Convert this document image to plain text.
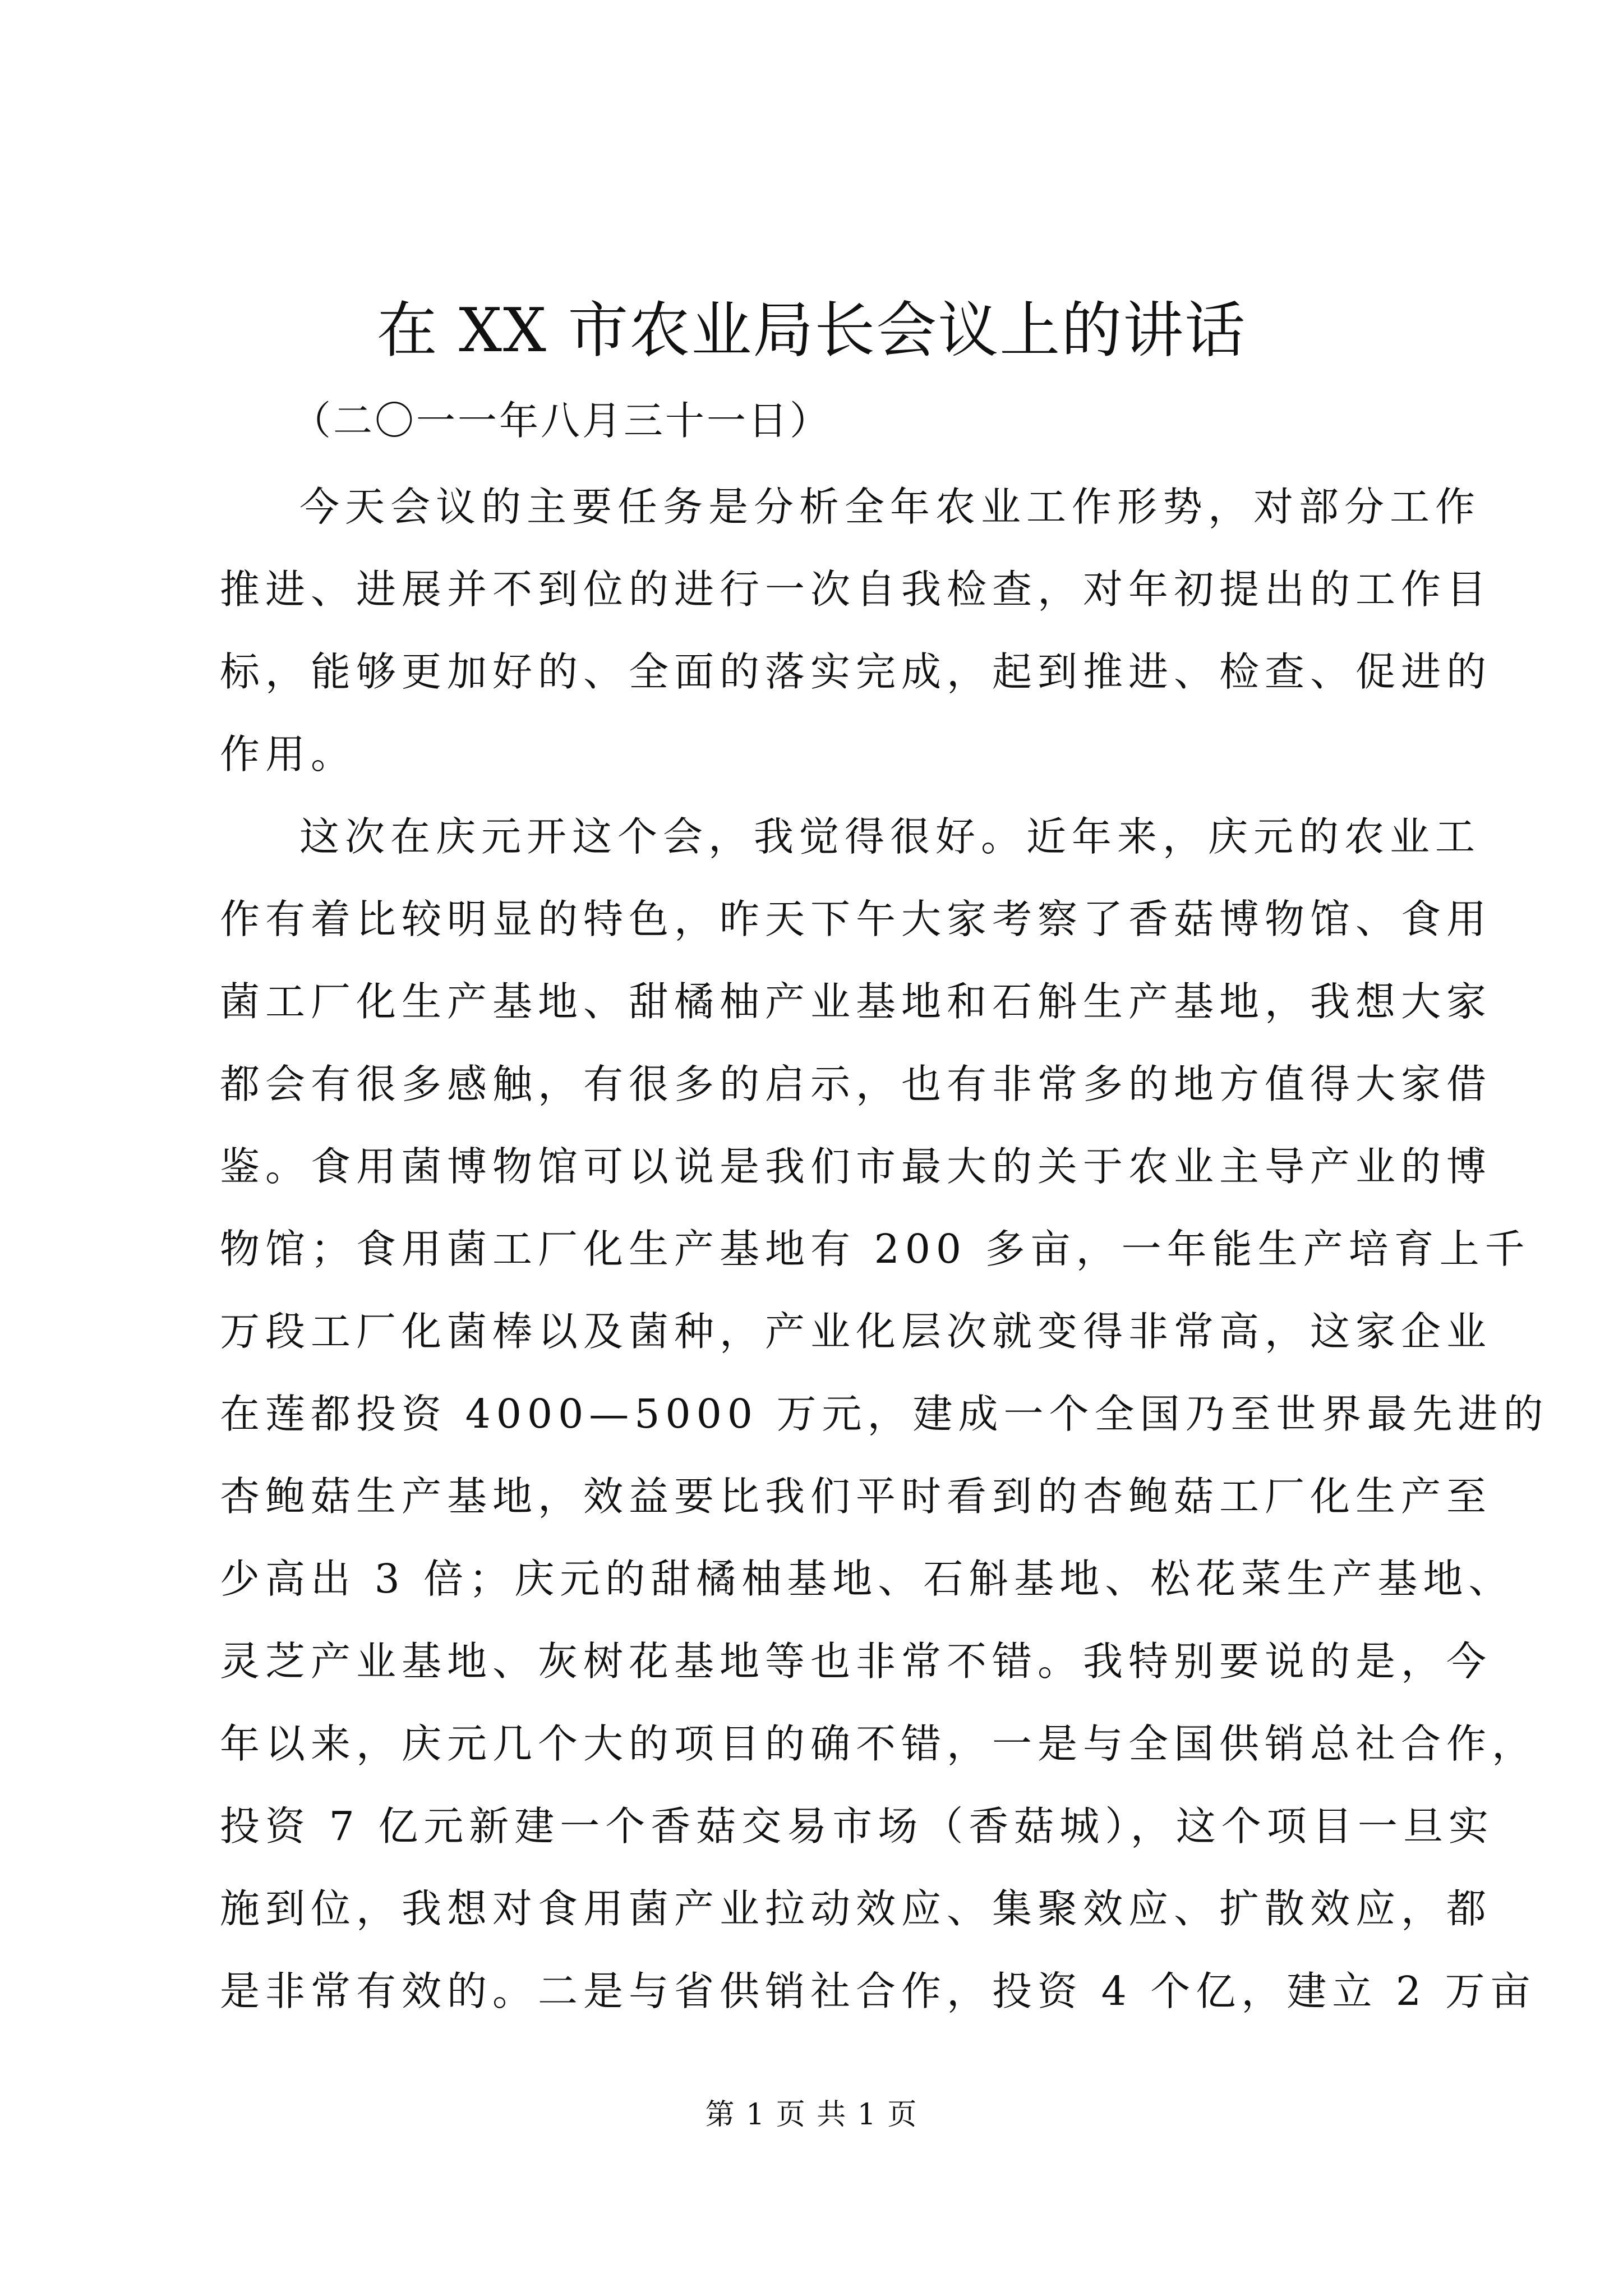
在 XX 市农业局长会议上的讲话
（二〇一一年八月三十一日）

今天会议的主要任务是分析全年农业工作形势，对部分工作
推进、进展并不到位的进行一次自我检查，对年初提出的工作目
标，能够更加好的、全面的落实完成，起到推进、检查、促进的
作用。

这次在庆元开这个会，我觉得很好。近年来，庆元的农业工
作有着比较明显的特色，昨天下午大家考察了香菇博物馆、食用
菌工厂化生产基地、甜橘柚产业基地和石斛生产基地，我想大家
都会有很多感触，有很多的启示，也有非常多的地方值得大家借
鉴。食用菌博物馆可以说是我们市最大的关于农业主导产业的博
物馆；食用菌工厂化生产基地有 200 多亩，一年能生产培育上千
万段工厂化菌棒以及菌种，产业化层次就变得非常高，这家企业
在莲都投资 4000—5000 万元，建成一个全国乃至世界最先进的
杏鲍菇生产基地，效益要比我们平时看到的杏鲍菇工厂化生产至
少高出 3 倍；庆元的甜橘柚基地、石斛基地、松花菜生产基地、
灵芝产业基地、灰树花基地等也非常不错。我特别要说的是，今
年以来，庆元几个大的项目的确不错，一是与全国供销总社合作，
投资 7 亿元新建一个香菇交易市场（香菇城），这个项目一旦实
施到位，我想对食用菌产业拉动效应、集聚效应、扩散效应，都
是非常有效的。二是与省供销社合作，投资 4 个亿，建立 2 万亩

第 1 页 共 1 页
